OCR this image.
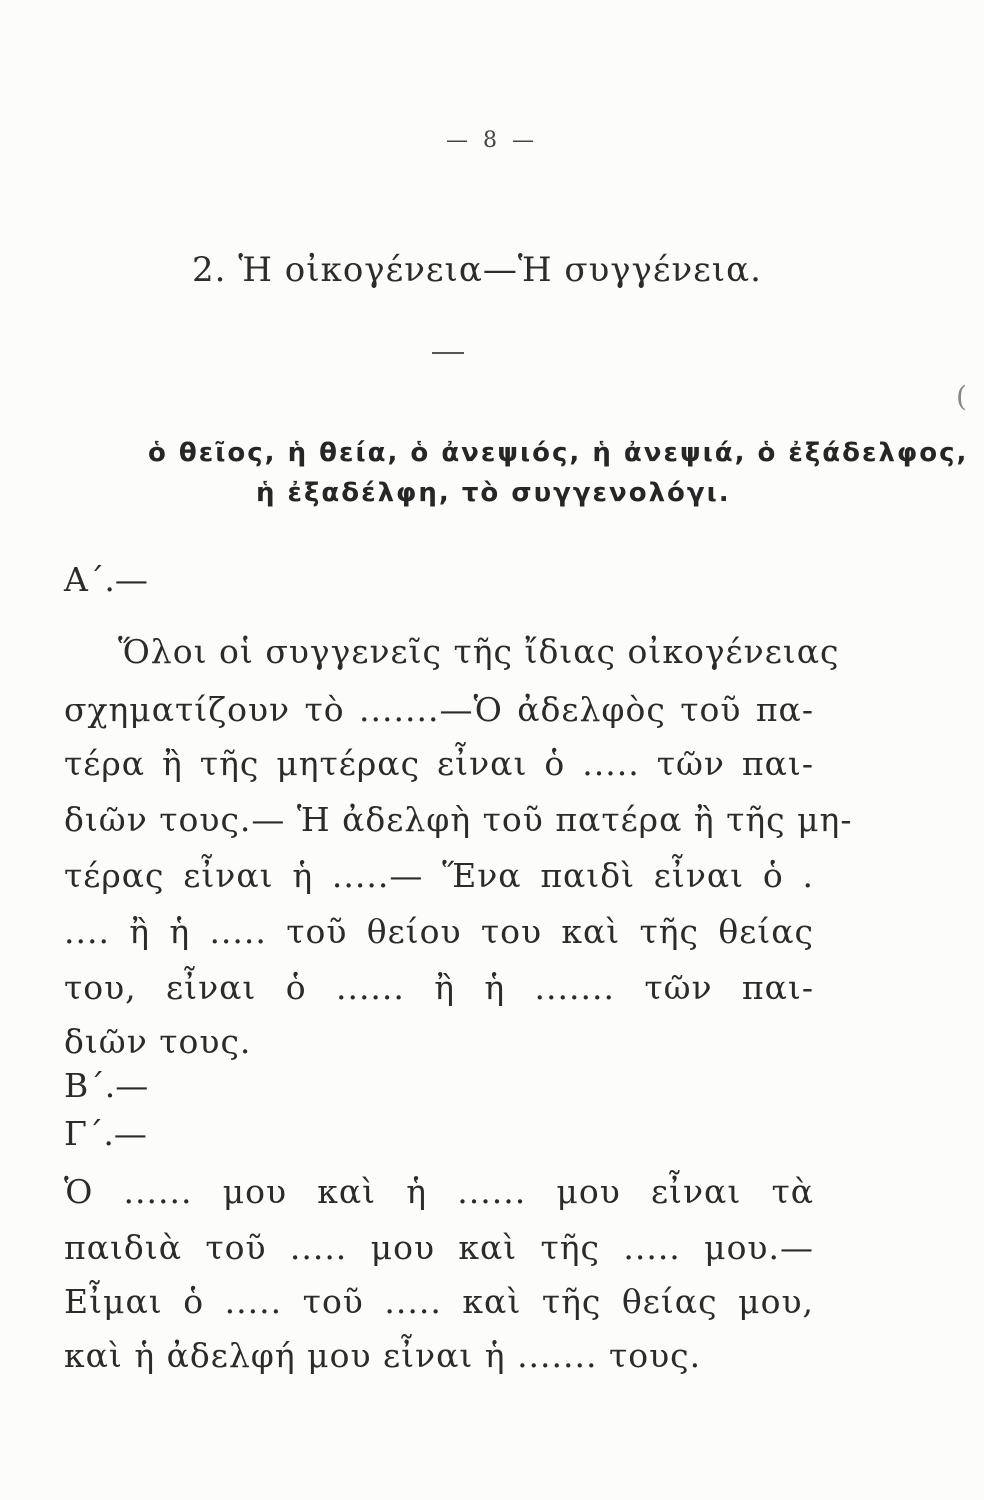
— 8 —
2. Ἡ οἰκογένεια—Ἡ συγγένεια.
(
ὁ θεῖος, ἡ θεία, ὁ ἀνεψιός, ἡ ἀνεψιά, ὁ ἐξάδελφος,
ἡ ἐξαδέλφη, τὸ συγγενολόγι.
Α΄.—
Ὅλοι οἱ συγγενεῖς τῆς ἴδιας οἰκογένειας
σχηματίζουν τὸ .......—Ὁ ἀδελφὸς τοῦ πα-
τέρα ἢ τῆς μητέρας εἶναι ὁ ..... τῶν παι-
διῶν τους.— Ἡ ἀδελφὴ τοῦ πατέρα ἢ τῆς μη-
τέρας εἶναι ἡ .....— Ἕνα παιδὶ εἶναι ὁ .
.... ἢ ἡ ..... τοῦ θείου του καὶ τῆς θείας
του, εἶναι ὁ ...... ἢ ἡ ....... τῶν παι-
διῶν τους.
Β΄.—
Γ΄.—
Ὁ ...... μου καὶ ἡ ...... μου εἶναι τὰ
παιδιὰ τοῦ ..... μου καὶ τῆς ..... μου.—
Εἶμαι ὁ ..... τοῦ ..... καὶ τῆς θείας μου,
καὶ ἡ ἀδελφή μου εἶναι ἡ ....... τους.
